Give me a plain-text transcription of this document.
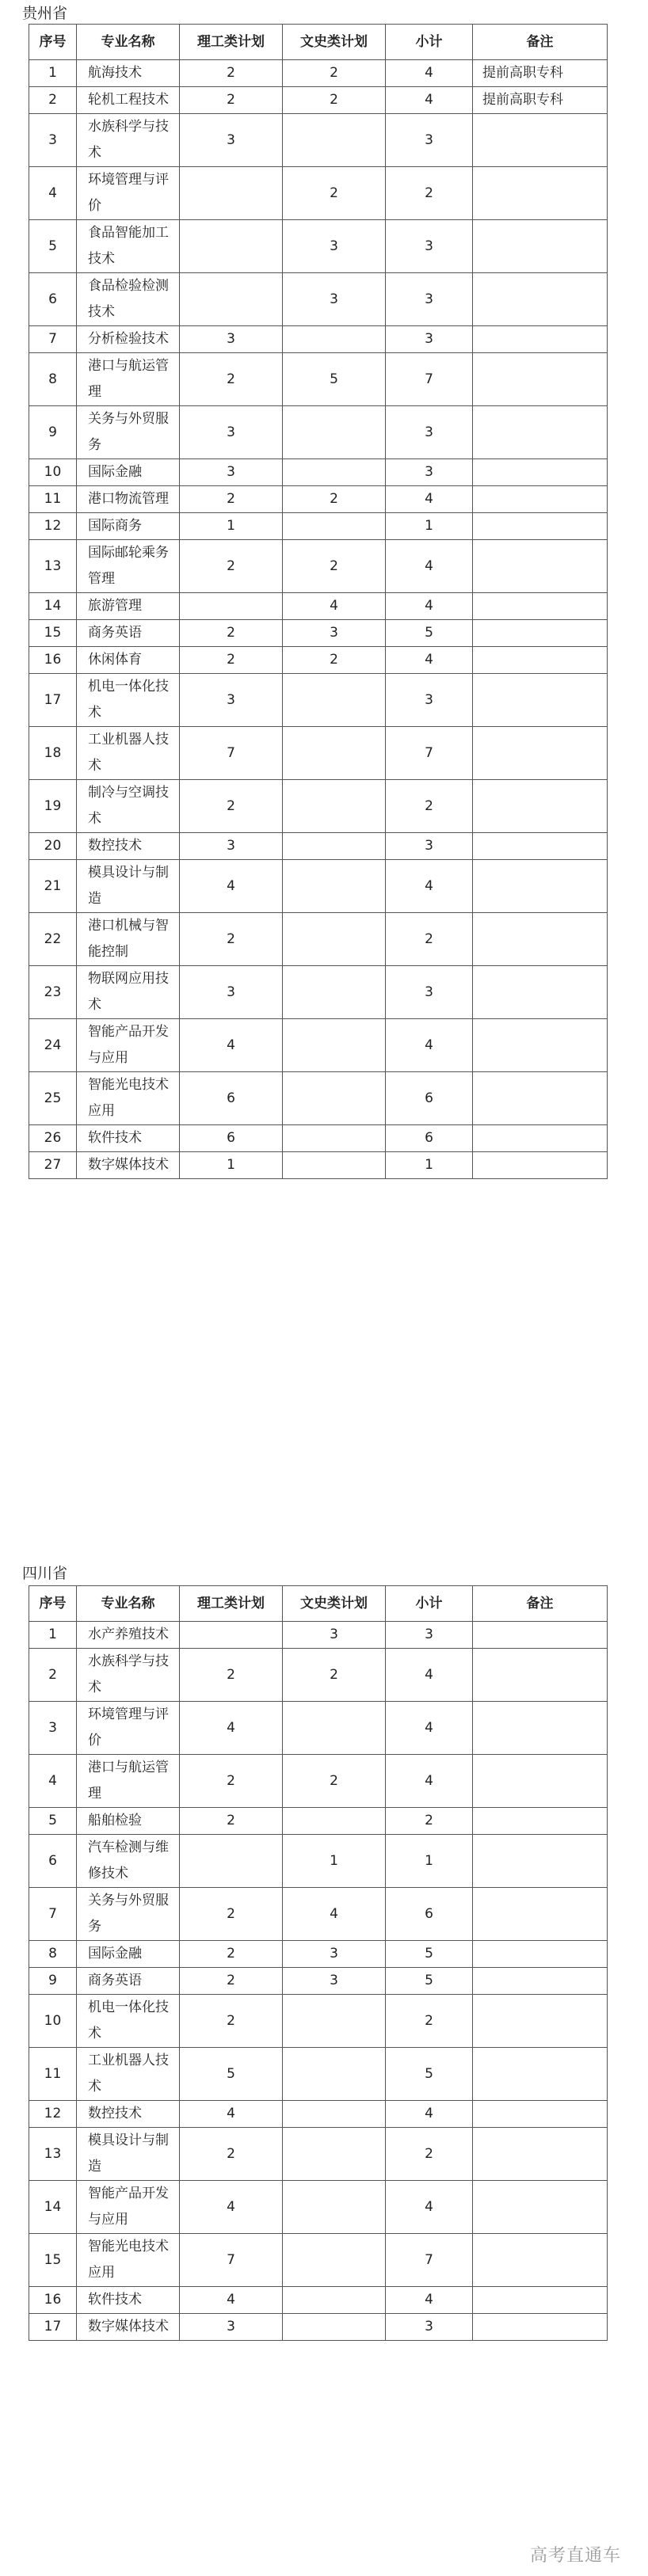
贵州省
序号	专业名称	理工类计划	文史类计划	小计	备注
1	航海技术	2	2	4	提前高职专科
2	轮机工程技术	2	2	4	提前高职专科
3	水族科学与技术	3		3	
4	环境管理与评价		2	2	
5	食品智能加工技术		3	3	
6	食品检验检测技术		3	3	
7	分析检验技术	3		3	
8	港口与航运管理	2	5	7	
9	关务与外贸服务	3		3	
10	国际金融	3		3	
11	港口物流管理	2	2	4	
12	国际商务	1		1	
13	国际邮轮乘务管理	2	2	4	
14	旅游管理		4	4	
15	商务英语	2	3	5	
16	休闲体育	2	2	4	
17	机电一体化技术	3		3	
18	工业机器人技术	7		7	
19	制冷与空调技术	2		2	
20	数控技术	3		3	
21	模具设计与制造	4		4	
22	港口机械与智能控制	2		2	
23	物联网应用技术	3		3	
24	智能产品开发与应用	4		4	
25	智能光电技术应用	6		6	
26	软件技术	6		6	
27	数字媒体技术	1		1	
四川省
序号	专业名称	理工类计划	文史类计划	小计	备注
1	水产养殖技术		3	3	
2	水族科学与技术	2	2	4	
3	环境管理与评价	4		4	
4	港口与航运管理	2	2	4	
5	船舶检验	2		2	
6	汽车检测与维修技术		1	1	
7	关务与外贸服务	2	4	6	
8	国际金融	2	3	5	
9	商务英语	2	3	5	
10	机电一体化技术	2		2	
11	工业机器人技术	5		5	
12	数控技术	4		4	
13	模具设计与制造	2		2	
14	智能产品开发与应用	4		4	
15	智能光电技术应用	7		7	
16	软件技术	4		4	
17	数字媒体技术	3		3	
高考直通车
